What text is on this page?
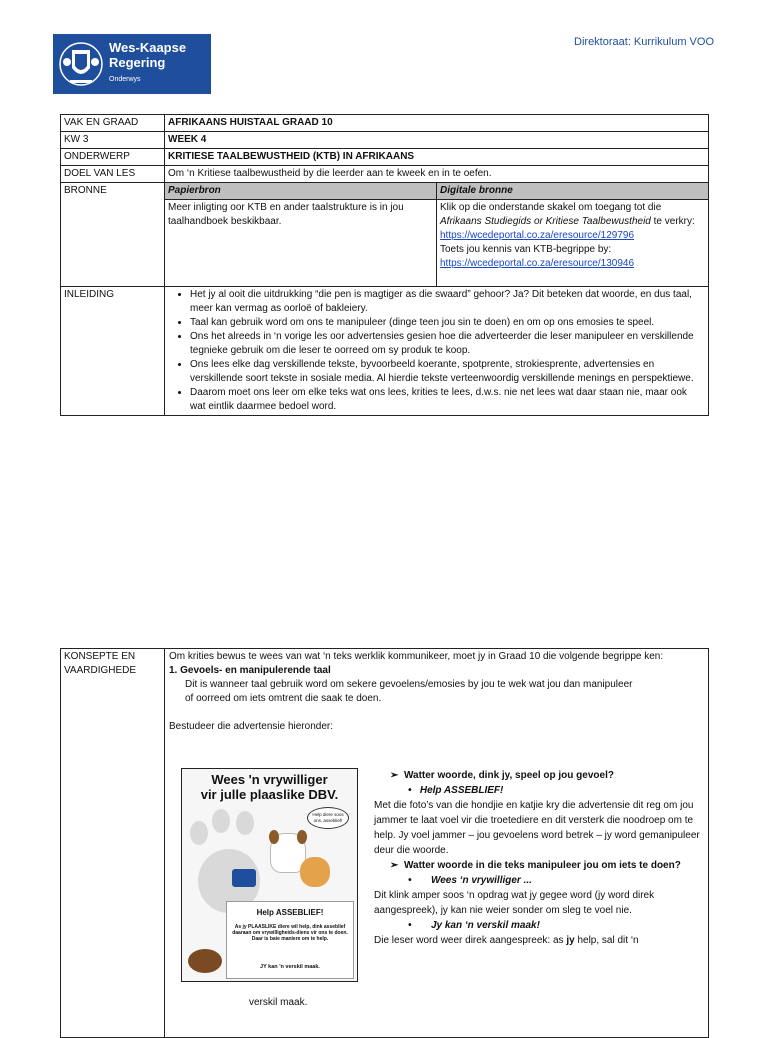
Wes-Kaapse
Regering
Onderwys
Direktoraat: Kurrikulum VOO
VAK EN GRAAD	AFRIKAANS HUISTAAL GRAAD 10
KW 3	WEEK 4
ONDERWERP	KRITIESE TAALBEWUSTHEID (KTB) IN AFRIKAANS
DOEL VAN LES	Om ‘n Kritiese taalbewustheid by die leerder aan te kweek en in te oefen.
BRONNE		Papierbron	Digitale bronne
Meer inligting oor KTB en ander taalstrukture is in jou taalhandboek beskikbaar.	Klik op die onderstande skakel om toegang tot die Afrikaans Studiegids or Kritiese Taalbewustheid te verkry:
https://wcedeportal.co.za/eresource/129796
Toets jou kennis van KTB-begrippe by:
https://wcedeportal.co.za/eresource/130946

INLEIDING	
•Het jy al ooit die uitdrukking “die pen is magtiger as die swaard” gehoor? Ja? Dit beteken dat woorde, en dus taal, meer kan vermag as oorloë of bakleiery.
• Taal kan gebruik word om ons te manipuleer (dinge teen jou sin te doen) en om op ons emosies te speel.
• Ons het alreeds in ‘n vorige les oor advertensies gesien hoe die adverteerder die leser manipuleer en verskillende tegnieke gebruik om die leser te oorreed om sy produk te koop.
• Ons lees elke dag verskillende tekste, byvoorbeeld koerante, spotprente, strokiesprente, advertensies en verskillende soort tekste in sosiale media. Al hierdie tekste verteenwoordig verskillende menings en perspektiewe.
• Daarom moet ons leer om elke teks wat ons lees, krities te lees, d.w.s. nie net lees wat daar staan nie, maar ook wat eintlik daarmee bedoel word.
KONSEPTE EN VAARDIGHEDE	
Om krities bewus te wees van wat ‘n teks werklik kommunikeer, moet jy in Graad 10 die volgende begrippe ken:
1. Gevoels- en manipulerende taal
Dit is wanneer taal gebruik word om sekere gevoelens/emosies by jou te wek wat jou dan manipuleer
of oorreed om iets omtrent die saak te doen.
Bestudeer die advertensie hieronder:
Wees 'n vrywilliger
vir julle plaaslike DBV.
Help diere soos ons, asseblief!
Help ASSEBLIEF!
As jy PLAASLIKE diere wil help, dink asseblief daaraan om vrywilligheids-diens vir ons te doen. Daar is baie maniere om te help.
JY kan 'n verskil maak.

➢  Watter woorde, dink jy, speel op jou gevoel?

•   Help ASSEBLIEF!

Met die foto’s van die hondjie en katjie kry die advertensie dit reg om jou jammer te laat voel vir die troetediere en dit versterk die noodroep om te help. Jy voel jammer – jou gevoelens word betrek – jy word gemanipuleer deur die woorde.

➢  Watter woorde in die teks manipuleer jou om iets te doen?

•       Wees ‘n vrywilliger ...

Dit klink amper soos ‘n opdrag wat jy gegee word (jy word direk aangespreek), jy kan nie weier sonder om sleg te voel nie.

•       Jy kan ‘n verskil maak!

Die leser word weer direk aangespreek: as jy help, sal dit ‘n

verskil maak.
